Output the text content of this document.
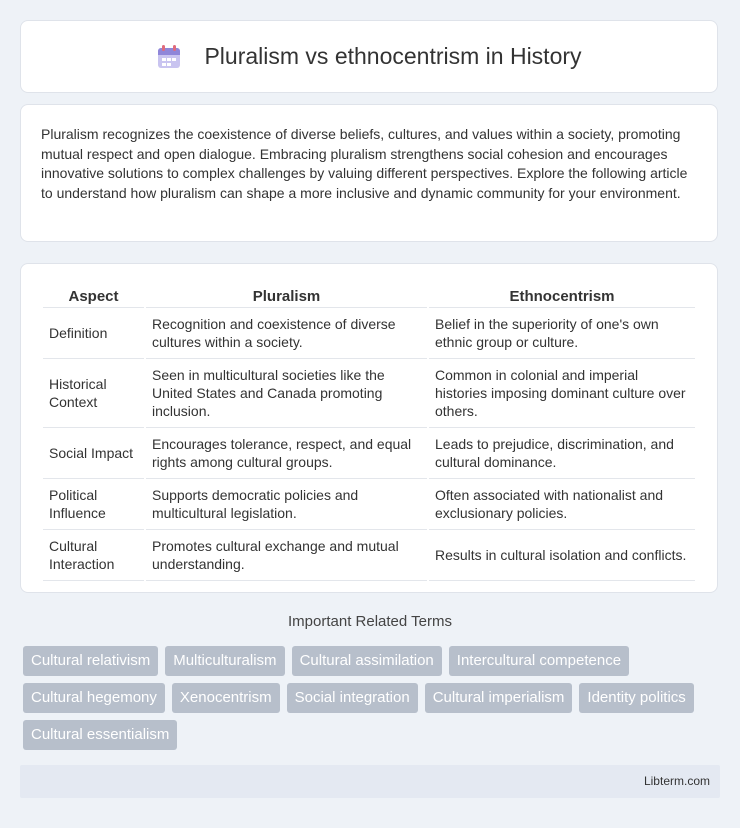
Pluralism vs ethnocentrism in History

Pluralism recognizes the coexistence of diverse beliefs, cultures, and values within a society, promoting mutual respect and open dialogue. Embracing pluralism strengthens social cohesion and encourages innovative solutions to complex challenges by valuing different perspectives. Explore the following article to understand how pluralism can shape a more inclusive and dynamic community for your environment.

Aspect	Pluralism	Ethnocentrism
Definition	Recognition and coexistence of diverse cultures within a society.	Belief in the superiority of one's own ethnic group or culture.
Historical Context	Seen in multicultural societies like the United States and Canada promoting inclusion.	Common in colonial and imperial histories imposing dominant culture over others.
Social Impact	Encourages tolerance, respect, and equal rights among cultural groups.	Leads to prejudice, discrimination, and cultural dominance.
Political Influence	Supports democratic policies and multicultural legislation.	Often associated with nationalist and exclusionary policies.
Cultural Interaction	Promotes cultural exchange and mutual understanding.	Results in cultural isolation and conflicts.
Important Related Terms
Cultural relativism	Multiculturalism	Cultural assimilation	Intercultural competence
Cultural hegemony	Xenocentrism	Social integration	Cultural imperialism	Identity politics
Cultural essentialism
Libterm.com
